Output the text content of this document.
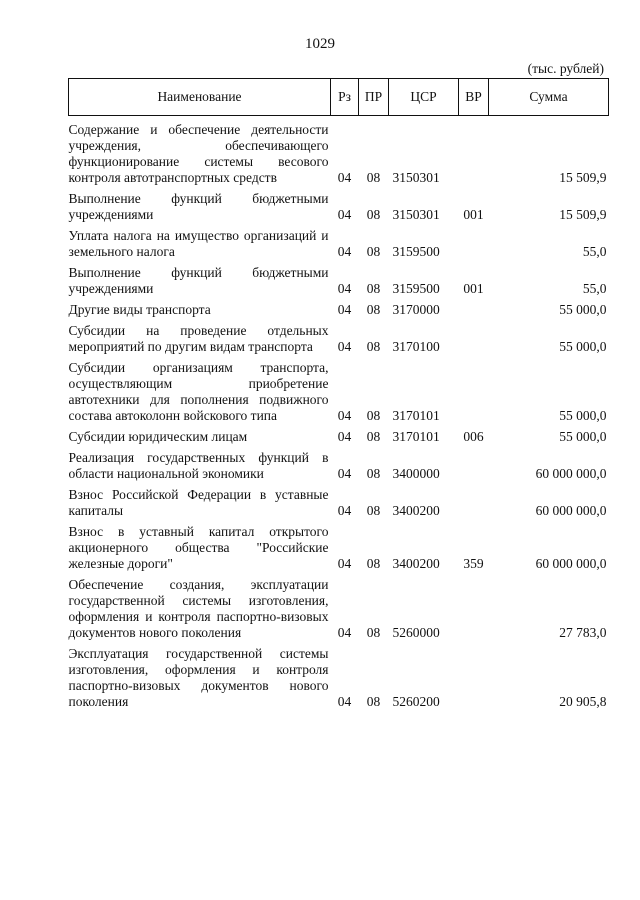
1029
(тыс. рублей)
Наименование	Рз	ПР	ЦСР	ВР	Сумма
Содержание и обеспечение деятельности учреждения, обеспечивающего функционирование системы весового контроля автотранспортных средств	04	08	3150301		15 509,9
Выполнение функций бюджетными учреждениями	04	08	3150301	001	15 509,9
Уплата налога на имущество организаций и земельного налога	04	08	3159500		55,0
Выполнение функций бюджетными учреждениями	04	08	3159500	001	55,0
Другие виды транспорта	04	08	3170000		55 000,0
Субсидии на проведение отдельных мероприятий по другим видам транспорта	04	08	3170100		55 000,0
Субсидии организациям транспорта, осуществляющим приобретение автотехники для пополнения подвижного состава автоколонн войскового типа	04	08	3170101		55 000,0
Субсидии юридическим лицам	04	08	3170101	006	55 000,0
Реализация государственных функций в области национальной экономики	04	08	3400000		60 000 000,0
Взнос Российской Федерации в уставные капиталы	04	08	3400200		60 000 000,0
Взнос в уставный капитал открытого акционерного общества "Российские железные дороги"	04	08	3400200	359	60 000 000,0
Обеспечение создания, эксплуатации государственной системы изготовления, оформления и контроля паспортно-визовых документов нового поколения	04	08	5260000		27 783,0
Эксплуатация государственной системы изготовления, оформления и контроля паспортно-визовых документов нового поколения	04	08	5260200		20 905,8
